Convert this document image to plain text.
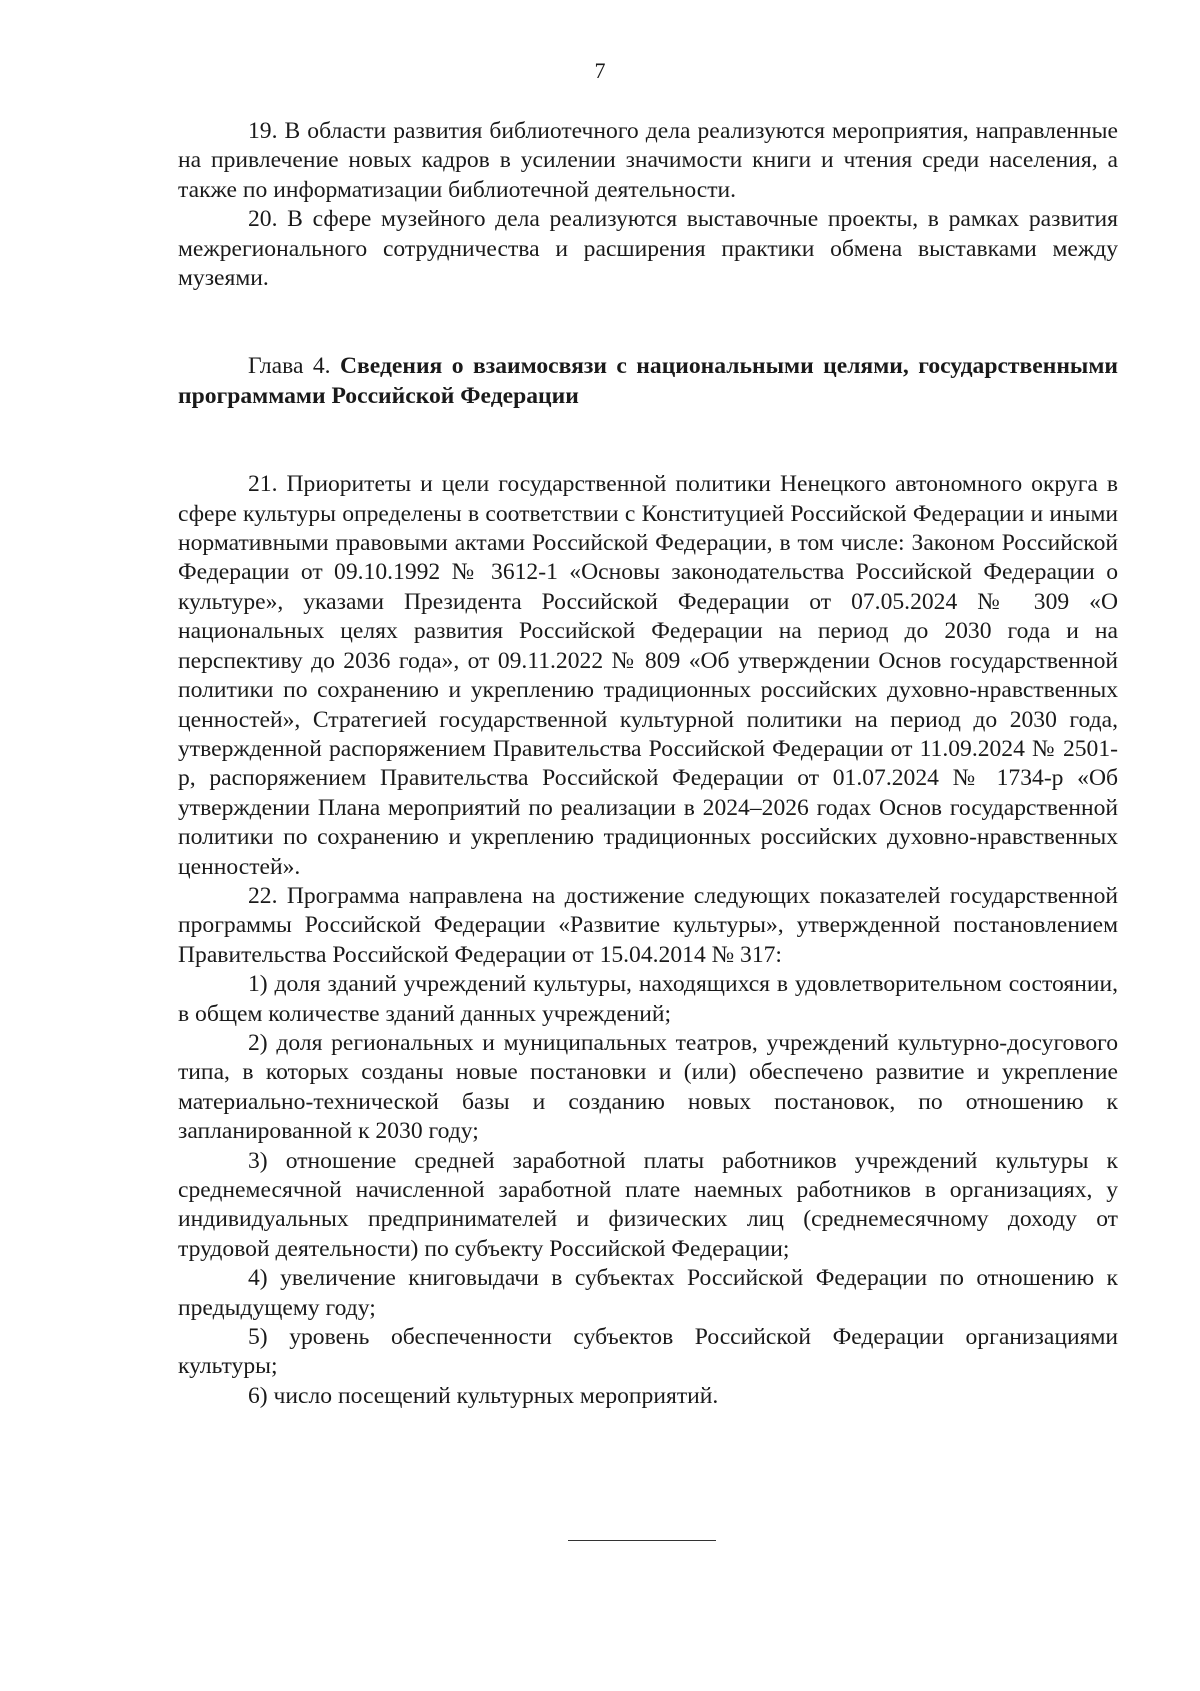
7

19. В области развития библиотечного дела реализуются мероприятия, направленные на привлечение новых кадров в усилении значимости книги и чтения среди населения, а также по информатизации библиотечной деятельности.

20. В сфере музейного дела реализуются выставочные проекты, в рамках развития межрегионального сотрудничества и расширения практики обмена выставками между музеями.

Глава 4. Сведения о взаимосвязи с национальными целями, государственными программами Российской Федерации

21. Приоритеты и цели государственной политики Ненецкого автономного округа в сфере культуры определены в соответствии с Конституцией Российской Федерации и иными нормативными правовыми актами Российской Федерации, в том числе: Законом Российской Федерации от 09.10.1992 № 3612-1 «Основы законодательства Российской Федерации о культуре», указами Президента Российской Федерации от 07.05.2024 № 309 «О национальных целях развития Российской Федерации на период до 2030 года и на перспективу до 2036 года», от 09.11.2022 № 809 «Об утверждении Основ государственной политики по сохранению и укреплению традиционных российских духовно-нравственных ценностей», Стратегией государственной культурной политики на период до 2030 года, утвержденной распоряжением Правительства Российской Федерации от 11.09.2024 № 2501-р, распоряжением Правительства Российской Федерации от 01.07.2024 № 1734-р «Об утверждении Плана мероприятий по реализации в 2024–2026 годах Основ государственной политики по сохранению и укреплению традиционных российских духовно-нравственных ценностей».

22. Программа направлена на достижение следующих показателей государственной программы Российской Федерации «Развитие культуры», утвержденной постановлением Правительства Российской Федерации от 15.04.2014 № 317:

1) доля зданий учреждений культуры, находящихся в удовлетворительном состоянии, в общем количестве зданий данных учреждений;

2) доля региональных и муниципальных театров, учреждений культурно-досугового типа, в которых созданы новые постановки и (или) обеспечено развитие и укрепление материально-технической базы и созданию новых постановок, по отношению к запланированной к 2030 году;

3) отношение средней заработной платы работников учреждений культуры к среднемесячной начисленной заработной плате наемных работников в организациях, у индивидуальных предпринимателей и физических лиц (среднемесячному доходу от трудовой деятельности) по субъекту Российской Федерации;

4) увеличение книговыдачи в субъектах Российской Федерации по отношению к предыдущему году;

5) уровень обеспеченности субъектов Российской Федерации организациями культуры;

6) число посещений культурных мероприятий.
